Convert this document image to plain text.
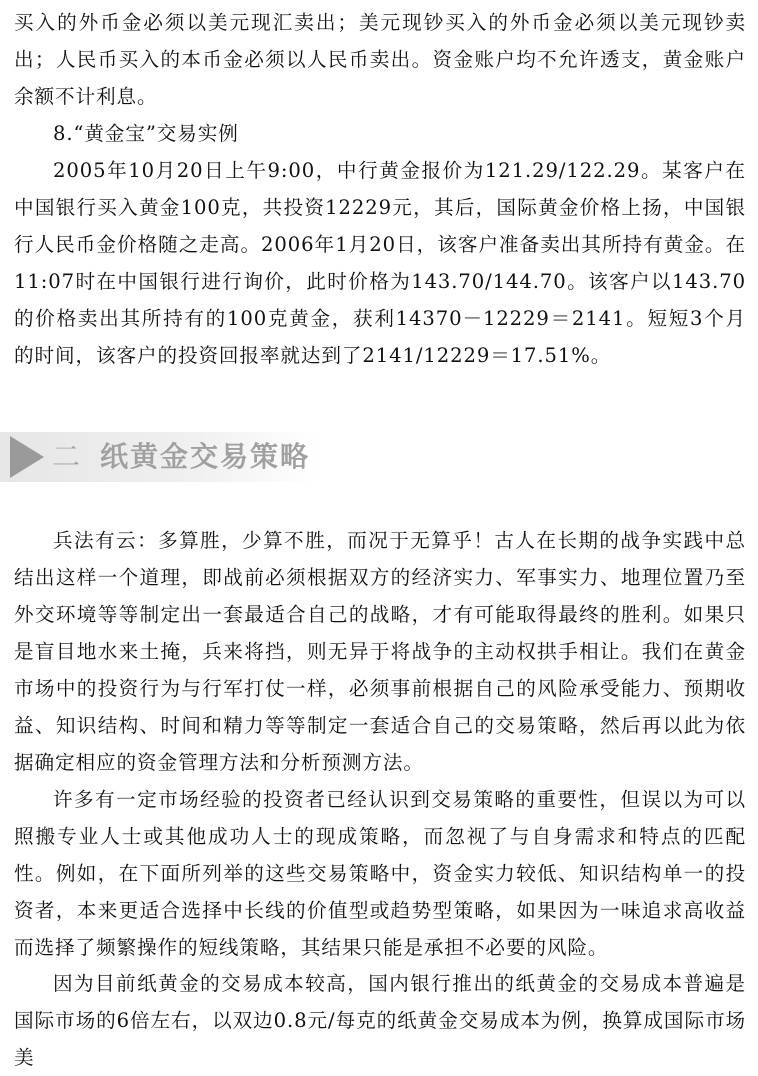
买入的外币金必须以美元现汇卖出；美元现钞买入的外币金必须以美元现钞卖出；人民币买入的本币金必须以人民币卖出。资金账户均不允许透支，黄金账户余额不计利息。
8.“黄金宝”交易实例
2005年10月20日上午9:00，中行黄金报价为121.29/122.29。某客户在中国银行买入黄金100克，共投资12229元，其后，国际黄金价格上扬，中国银行人民币金价格随之走高。2006年1月20日，该客户准备卖出其所持有黄金。在11:07时在中国银行进行询价，此时价格为143.70/144.70。该客户以143.70的价格卖出其所持有的100克黄金，获利14370－12229＝2141。短短3个月的时间，该客户的投资回报率就达到了2141/12229＝17.51%。
二 纸黄金交易策略
兵法有云：多算胜，少算不胜，而况于无算乎！古人在长期的战争实践中总结出这样一个道理，即战前必须根据双方的经济实力、军事实力、地理位置乃至外交环境等等制定出一套最适合自己的战略，才有可能取得最终的胜利。如果只是盲目地水来土掩，兵来将挡，则无异于将战争的主动权拱手相让。我们在黄金市场中的投资行为与行军打仗一样，必须事前根据自己的风险承受能力、预期收益、知识结构、时间和精力等等制定一套适合自己的交易策略，然后再以此为依据确定相应的资金管理方法和分析预测方法。
许多有一定市场经验的投资者已经认识到交易策略的重要性，但误以为可以照搬专业人士或其他成功人士的现成策略，而忽视了与自身需求和特点的匹配性。例如，在下面所列举的这些交易策略中，资金实力较低、知识结构单一的投资者，本来更适合选择中长线的价值型或趋势型策略，如果因为一味追求高收益而选择了频繁操作的短线策略，其结果只能是承担不必要的风险。
因为目前纸黄金的交易成本较高，国内银行推出的纸黄金的交易成本普遍是国际市场的6倍左右，以双边0.8元/每克的纸黄金交易成本为例，换算成国际市场美
